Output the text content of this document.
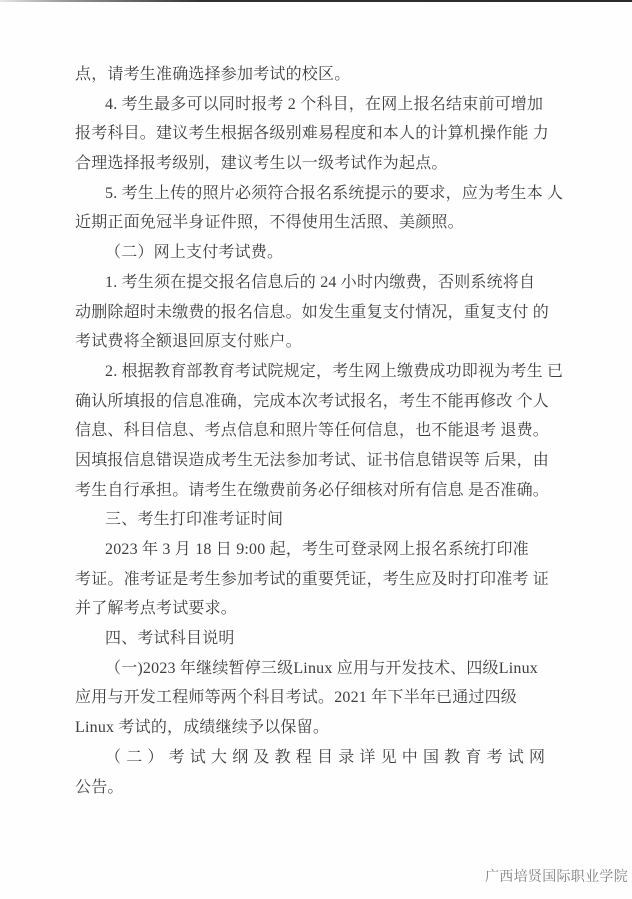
点，请考生准确选择参加考试的校区。
4. 考生最多可以同时报考 2 个科目，在网上报名结束前可增加
报考科目。建议考生根据各级别难易程度和本人的计算机操作能 力
合理选择报考级别，建议考生以一级考试作为起点。
5. 考生上传的照片必须符合报名系统提示的要求，应为考生本 人
近期正面免冠半身证件照，不得使用生活照、美颜照。
（二）网上支付考试费。
1. 考生须在提交报名信息后的 24 小时内缴费，否则系统将自
动删除超时未缴费的报名信息。如发生重复支付情况，重复支付 的
考试费将全额退回原支付账户。
2. 根据教育部教育考试院规定，考生网上缴费成功即视为考生 已
确认所填报的信息准确，完成本次考试报名，考生不能再修改 个人
信息、科目信息、考点信息和照片等任何信息，也不能退考 退费。
因填报信息错误造成考生无法参加考试、证书信息错误等 后果，由
考生自行承担。请考生在缴费前务必仔细核对所有信息 是否准确。
三、考生打印准考证时间
2023 年 3 月 18 日 9:00 起，考生可登录网上报名系统打印准
考证。准考证是考生参加考试的重要凭证，考生应及时打印准考 证
并了解考点考试要求。
四、考试科目说明
（一)2023 年继续暂停三级Linux 应用与开发技术、四级Linux
应用与开发工程师等两个科目考试。2021 年下半年已通过四级
Linux 考试的，成绩继续予以保留。
（二）考试大纲及教程目录详见中国教育考试网
公告。
广西培贤国际职业学院
